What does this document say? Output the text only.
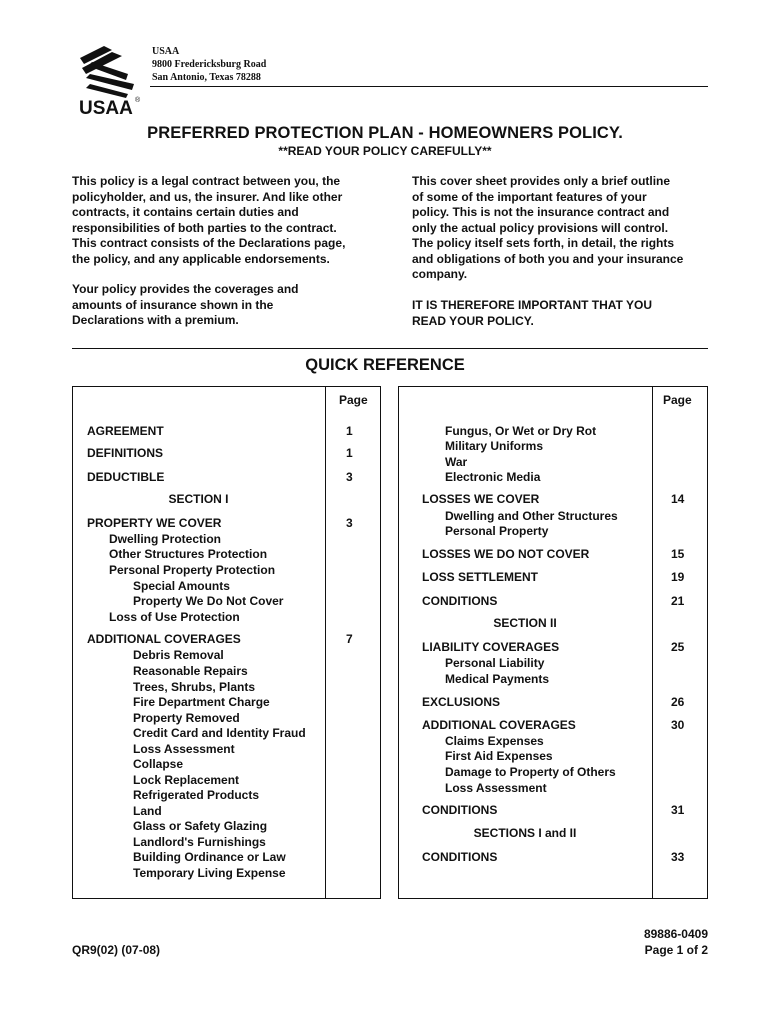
USAA ®
USAA
9800 Fredericksburg Road
San Antonio, Texas 78288
PREFERRED PROTECTION PLAN - HOMEOWNERS POLICY.
**READ YOUR POLICY CAREFULLY**
This policy is a legal contract between you, the
policyholder, and us, the insurer. And like other
contracts, it contains certain duties and
responsibilities of both parties to the contract.
This contract consists of the Declarations page,
the policy, and any applicable endorsements.
Your policy provides the coverages and
amounts of insurance shown in the
Declarations with a premium.
This cover sheet provides only a brief outline
of some of the important features of your
policy. This is not the insurance contract and
only the actual policy provisions will control.
The policy itself sets forth, in detail, the rights
and obligations of both you and your insurance
company.
IT IS THEREFORE IMPORTANT THAT YOU
READ YOUR POLICY.
QUICK REFERENCE
Page	Page
AGREEMENT	1
DEFINITIONS	1
DEDUCTIBLE	3
SECTION I
PROPERTY WE COVER	3
Dwelling Protection
Other Structures Protection
Personal Property Protection
Special Amounts
Property We Do Not Cover
Loss of Use Protection
ADDITIONAL COVERAGES	7
Debris Removal
Reasonable Repairs
Trees, Shrubs, Plants
Fire Department Charge
Property Removed
Credit Card and Identity Fraud
Loss Assessment
Collapse
Lock Replacement
Refrigerated Products
Land
Glass or Safety Glazing
Landlord's Furnishings
Building Ordinance or Law
Temporary Living Expense
Fungus, Or Wet or Dry Rot
Military Uniforms
War
Electronic Media
LOSSES WE COVER	14
Dwelling and Other Structures
Personal Property
LOSSES WE DO NOT COVER	15
LOSS SETTLEMENT	19
CONDITIONS	21
SECTION II
LIABILITY COVERAGES	25
Personal Liability
Medical Payments
EXCLUSIONS	26
ADDITIONAL COVERAGES	30
Claims Expenses
First Aid Expenses
Damage to Property of Others
Loss Assessment
CONDITIONS	31
SECTIONS I and II
CONDITIONS	33
QR9(02) (07-08)
89886-0409
Page 1 of 2
